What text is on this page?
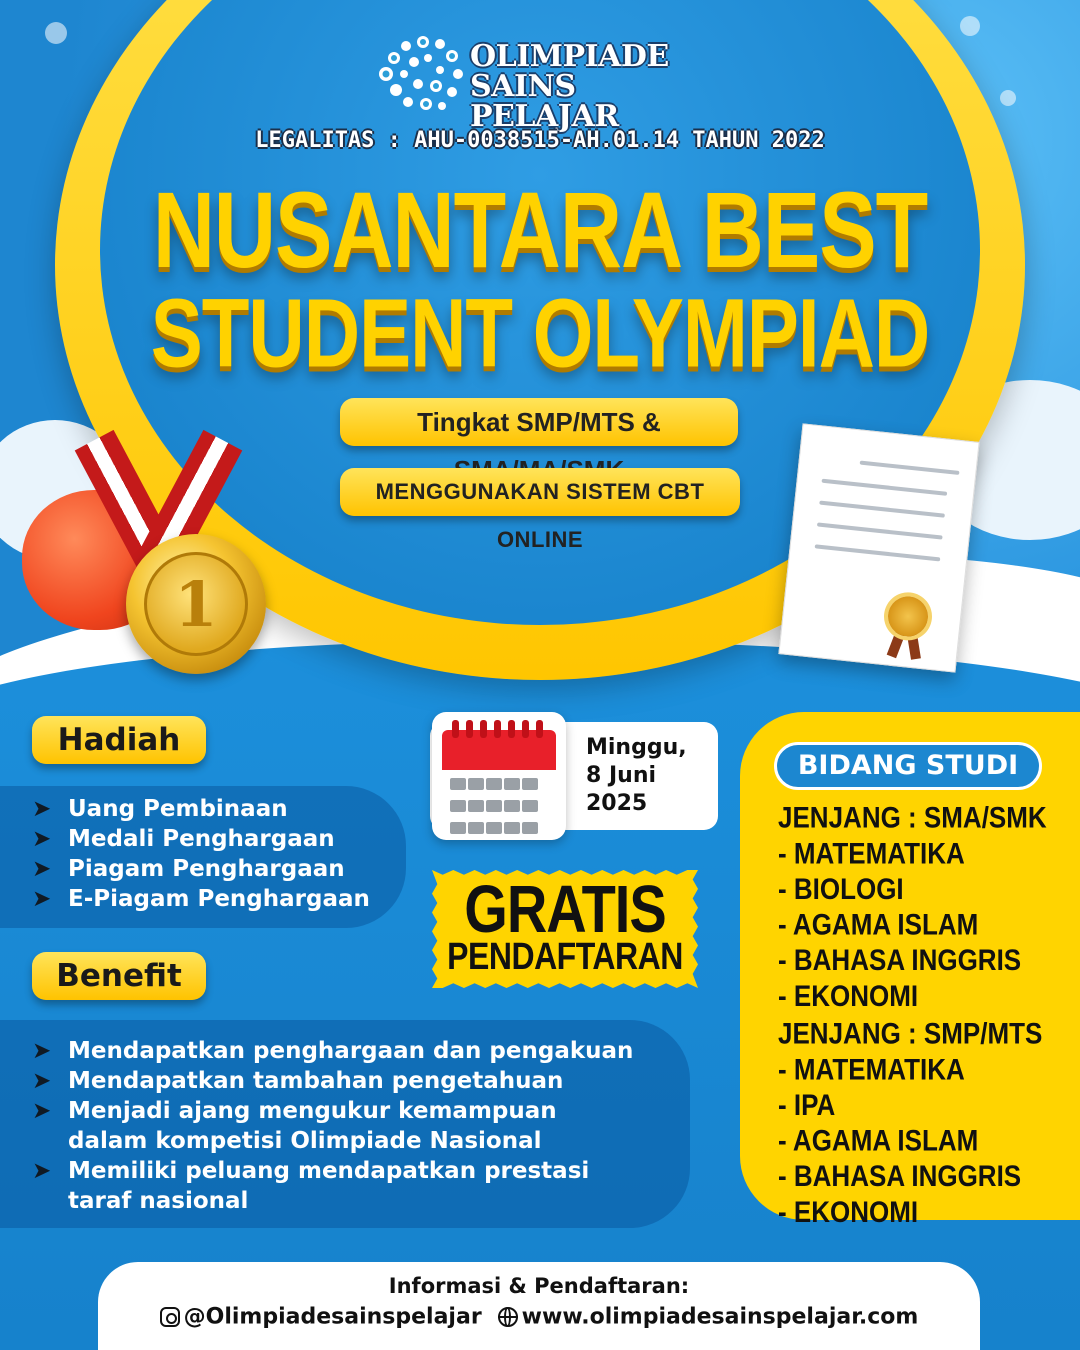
OLIMPIADE
SAINS PELAJAR
LEGALITAS : AHU-0038515-AH.01.14 TAHUN 2022
NUSANTARA BEST
STUDENT OLYMPIAD
Tingkat SMP/MTS &
MENGGUNAKAN SISTEM CBT ONLINE
1
Hadiah
➤ Uang Pembinaan
➤ Medali Penghargaan
➤ Piagam Penghargaan
➤ E-Piagam Penghargaan
Benefit
➤ Mendapatkan penghargaan dan pengakuan
➤ Mendapatkan tambahan pengetahuan
➤ Menjadi ajang mengukur kemampuan dalam kompetisi Olimpiade Nasional
➤ Memiliki peluang mendapatkan prestasi taraf nasional

Minggu,
8 Juni
2025
GRATIS
PENDAFTARAN
BIDANG STUDI
JENJANG : SMA/SMK
- MATEMATIKA
- BIOLOGI
- AGAMA ISLAM
- BAHASA INGGRIS
- EKONOMI
JENJANG : SMP/MTS
- MATEMATIKA
- IPA
- AGAMA ISLAM
- BAHASA INGGRIS
- EKONOMI
Informasi & Pendaftaran:
@Olimpiadesainspelajar www.olimpiadesainspelajar.com
